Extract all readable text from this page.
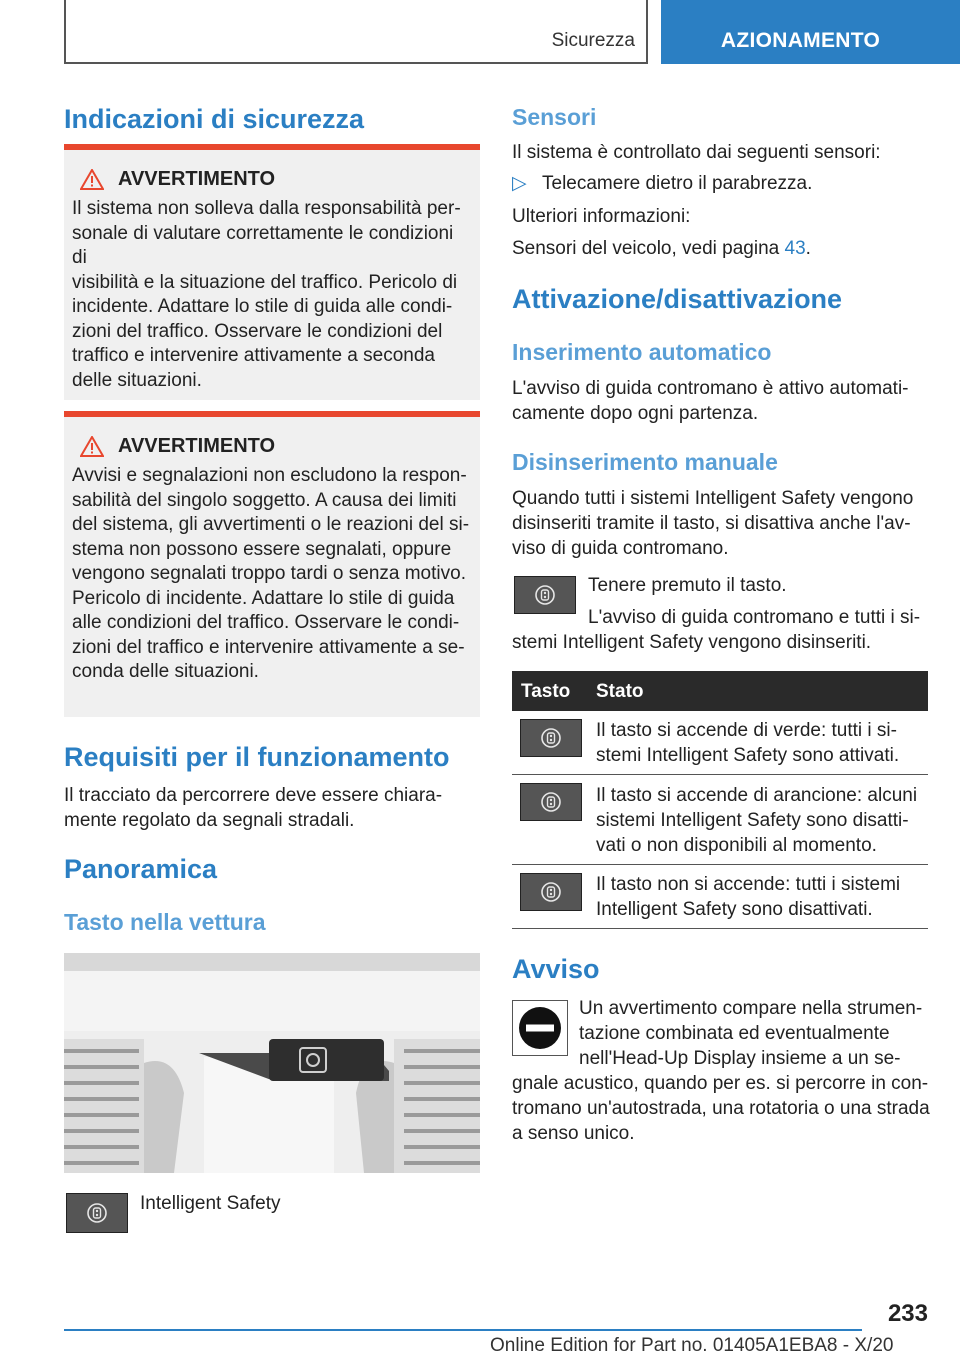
Sicurezza	AZIONAMENTO
Indicazioni di sicurezza
AVVERTIMENTO
Il sistema non solleva dalla responsabilità per-
sonale di valutare correttamente le condizioni di
visibilità e la situazione del traffico. Pericolo di
incidente. Adattare lo stile di guida alle condi-
zioni del traffico. Osservare le condizioni del
traffico e intervenire attivamente a seconda
delle situazioni.
AVVERTIMENTO
Avvisi e segnalazioni non escludono la respon-
sabilità del singolo soggetto. A causa dei limiti
del sistema, gli avvertimenti o le reazioni del si-
stema non possono essere segnalati, oppure
vengono segnalati troppo tardi o senza motivo.
Pericolo di incidente. Adattare lo stile di guida
alle condizioni del traffico. Osservare le condi-
zioni del traffico e intervenire attivamente a se-
conda delle situazioni.
Requisiti per il funzionamento
Il tracciato da percorrere deve essere chiara-
mente regolato da segnali stradali.
Panoramica
Tasto nella vettura
Intelligent Safety
Sensori
Il sistema è controllato dai seguenti sensori:
▷ Telecamere dietro il parabrezza.
Ulteriori informazioni:
Sensori del veicolo, vedi pagina 43.
Attivazione/disattivazione
Inserimento automatico
L'avviso di guida contromano è attivo automati-
camente dopo ogni partenza.
Disinserimento manuale
Quando tutti i sistemi Intelligent Safety vengono
disinseriti tramite il tasto, si disattiva anche l'av-
viso di guida contromano.
Tenere premuto il tasto.
L'avviso di guida contromano e tutti i si-
stemi Intelligent Safety vengono disinseriti.
Tasto Stato
Il tasto si accende di verde: tutti i si-
stemi Intelligent Safety sono attivati.
Il tasto si accende di arancione: alcuni
sistemi Intelligent Safety sono disatti-
vati o non disponibili al momento.
Il tasto non si accende: tutti i sistemi
Intelligent Safety sono disattivati.
Avviso
Un avvertimento compare nella strumen-
tazione combinata ed eventualmente
nell'Head-Up Display insieme a un se-
gnale acustico, quando per es. si percorre in con-
tromano un'autostrada, una rotatoria o una strada
a senso unico.
233
Online Edition for Part no. 01405A1EBA8 - X/20
